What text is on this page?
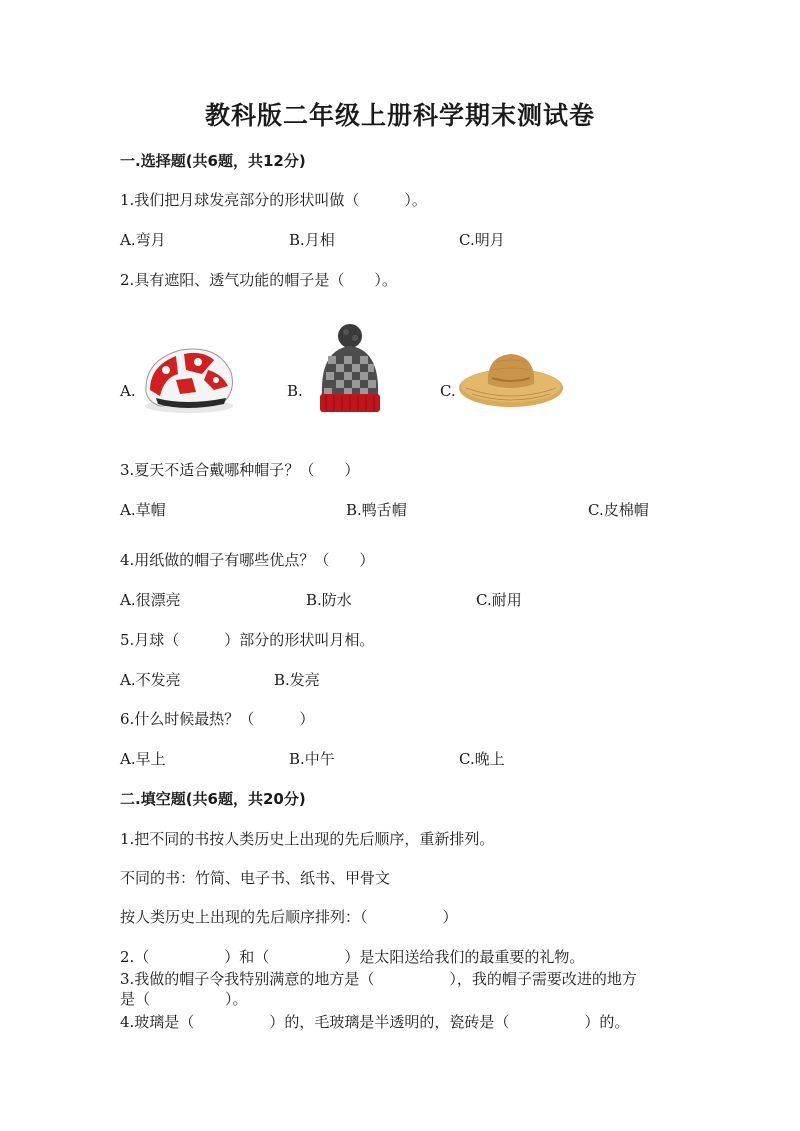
教科版二年级上册科学期末测试卷
一.选择题(共6题，共12分)
1.我们把月球发亮部分的形状叫做（　　　）。
A.弯月	B.月相	C.明月
2.具有遮阳、透气功能的帽子是（　　）。
A.	B.	C.
3.夏天不适合戴哪种帽子？（　　）
A.草帽	B.鸭舌帽	C.皮棉帽
4.用纸做的帽子有哪些优点？（　　）
A.很漂亮	B.防水	C.耐用
5.月球（　　　）部分的形状叫月相。
A.不发亮	B.发亮
6.什么时候最热？（　　　）
A.早上	B.中午	C.晚上
二.填空题(共6题，共20分)
1.把不同的书按人类历史上出现的先后顺序，重新排列。
不同的书：竹简、电子书、纸书、甲骨文
按人类历史上出现的先后顺序排列：（　　　　　）
2.（　　　　　）和（　　　　　）是太阳送给我们的最重要的礼物。
3.我做的帽子令我特别满意的地方是（　　　　　），我的帽子需要改进的地方
是（　　　　　）。
4.玻璃是（　　　　　）的，毛玻璃是半透明的，瓷砖是（　　　　　）的。
